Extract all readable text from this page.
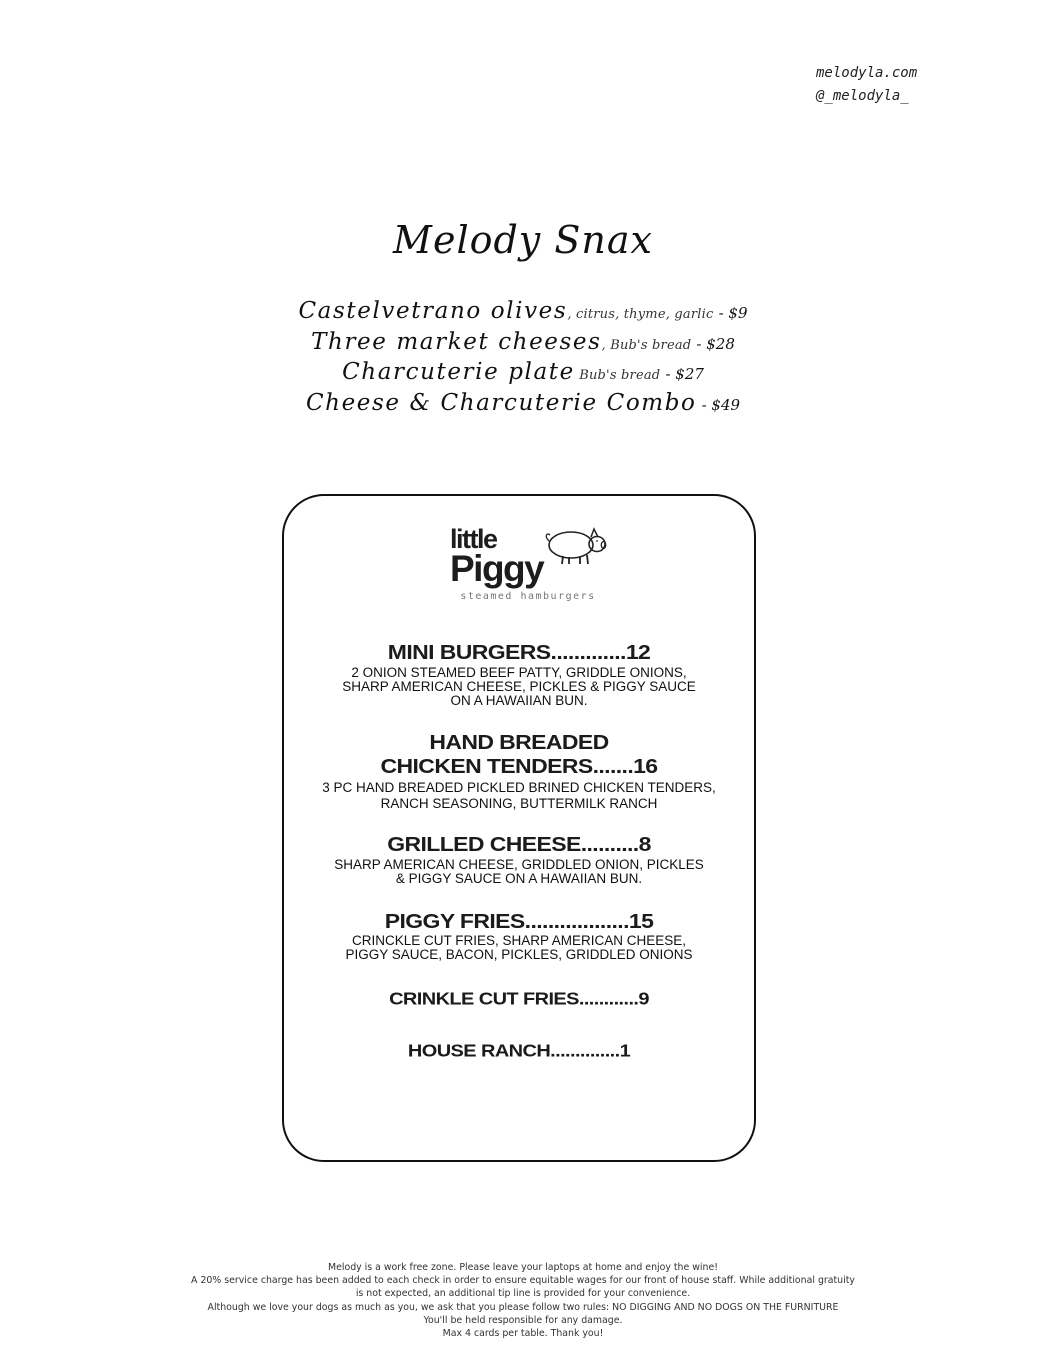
melodyla.com
@_melodyla_
Melody Snax
Castelvetrano olives, citrus, thyme, garlic - $9
Three market cheeses, Bub's bread - $28
Charcuterie plate Bub's bread - $27
Cheese & Charcuterie Combo - $49
little
Piggy
steamed hamburgers
MINI BURGERS.............12
2 ONION STEAMED BEEF PATTY, GRIDDLE ONIONS,
SHARP AMERICAN CHEESE, PICKLES & PIGGY SAUCE
ON A HAWAIIAN BUN.
HAND BREADED
CHICKEN TENDERS.......16
3 PC HAND BREADED PICKLED BRINED CHICKEN TENDERS,
RANCH SEASONING, BUTTERMILK RANCH
GRILLED CHEESE..........8
SHARP AMERICAN CHEESE, GRIDDLED ONION, PICKLES
& PIGGY SAUCE ON A HAWAIIAN BUN.
PIGGY FRIES..................15
CRINCKLE CUT FRIES, SHARP AMERICAN CHEESE,
PIGGY SAUCE, BACON, PICKLES, GRIDDLED ONIONS
CRINKLE CUT FRIES............9
HOUSE RANCH..............1
Melody is a work free zone. Please leave your laptops at home and enjoy the wine!
A 20% service charge has been added to each check in order to ensure equitable wages for our front of house staff. While additional gratuity
is not expected, an additional tip line is provided for your convenience.
Although we love your dogs as much as you, we ask that you please follow two rules: NO DIGGING AND NO DOGS ON THE FURNITURE
You'll be held responsible for any damage.
Max 4 cards per table. Thank you!
